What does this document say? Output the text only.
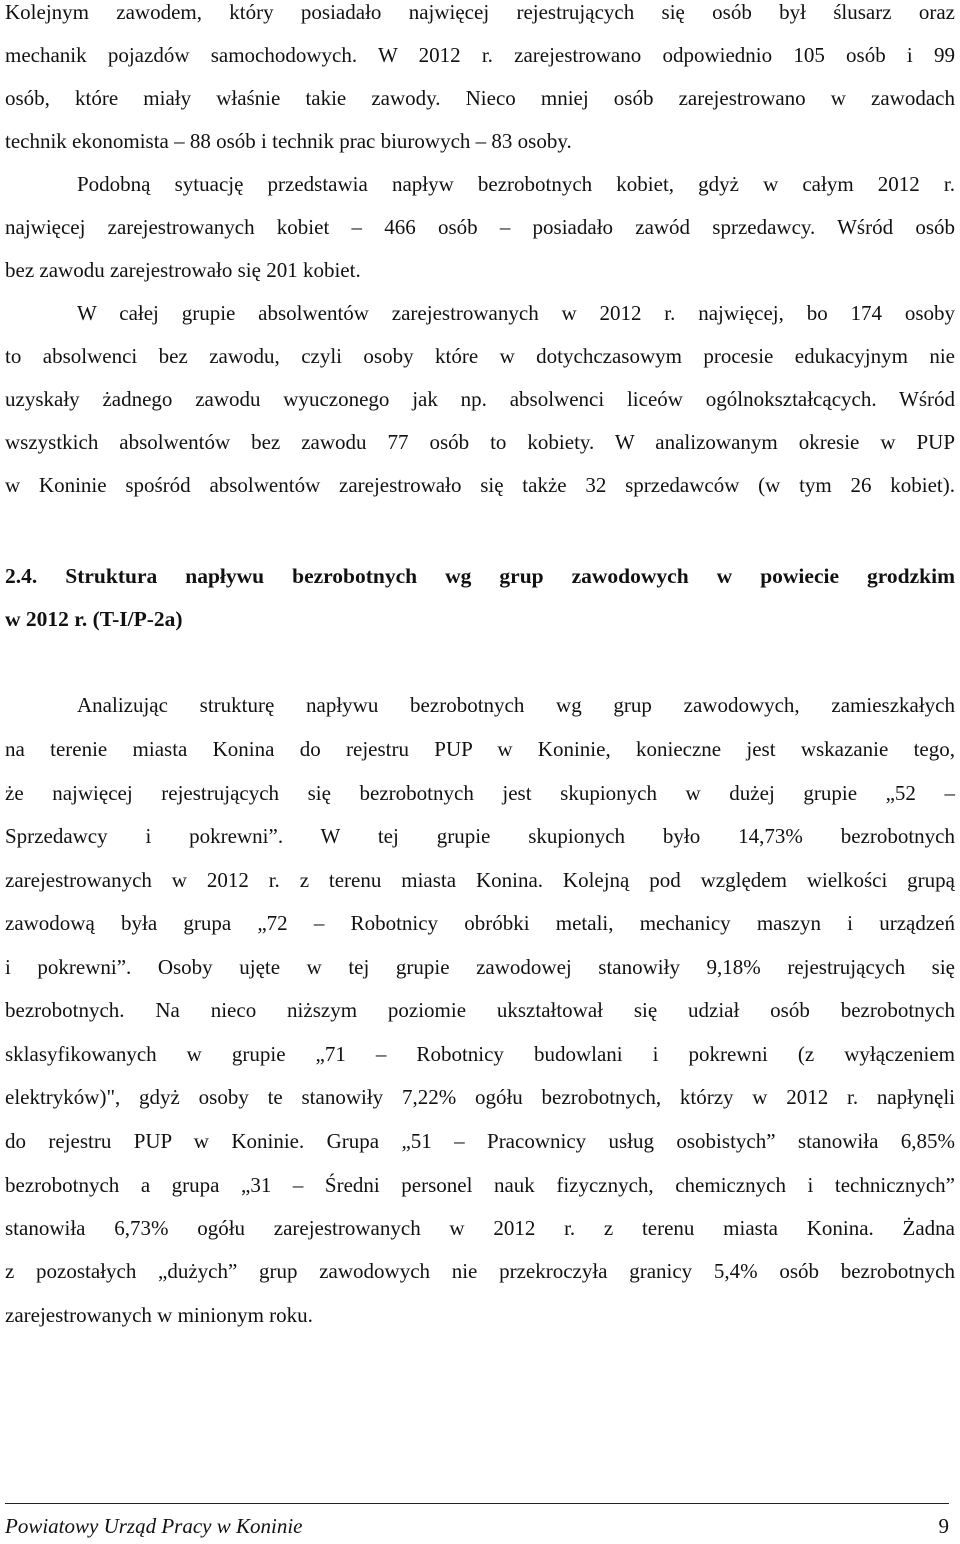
Kolejnym zawodem, który posiadało najwięcej rejestrujących się osób był ślusarz oraz
mechanik pojazdów samochodowych. W 2012 r. zarejestrowano odpowiednio 105 osób i 99
osób, które miały właśnie takie zawody. Nieco mniej osób zarejestrowano w zawodach
technik ekonomista – 88 osób i technik prac biurowych – 83 osoby.
Podobną sytuację przedstawia napływ bezrobotnych kobiet, gdyż w całym 2012 r.
najwięcej zarejestrowanych kobiet – 466 osób – posiadało zawód sprzedawcy. Wśród osób
bez zawodu zarejestrowało się 201 kobiet.
W całej grupie absolwentów zarejestrowanych w 2012 r. najwięcej, bo 174 osoby
to absolwenci bez zawodu, czyli osoby które w dotychczasowym procesie edukacyjnym nie
uzyskały żadnego zawodu wyuczonego jak np. absolwenci liceów ogólnokształcących. Wśród
wszystkich absolwentów bez zawodu 77 osób to kobiety. W analizowanym okresie w PUP
w Koninie spośród absolwentów zarejestrowało się także 32 sprzedawców (w tym 26 kobiet).
2.4. Struktura napływu bezrobotnych wg grup zawodowych w powiecie grodzkim
w 2012 r. (T-I/P-2a)
Analizując strukturę napływu bezrobotnych wg grup zawodowych, zamieszkałych
na terenie miasta Konina do rejestru PUP w Koninie, konieczne jest wskazanie tego,
że najwięcej rejestrujących się bezrobotnych jest skupionych w dużej grupie „52 –
Sprzedawcy i pokrewni”. W tej grupie skupionych było 14,73% bezrobotnych
zarejestrowanych w 2012 r. z terenu miasta Konina. Kolejną pod względem wielkości grupą
zawodową była grupa „72 – Robotnicy obróbki metali, mechanicy maszyn i urządzeń
i pokrewni”. Osoby ujęte w tej grupie zawodowej stanowiły 9,18% rejestrujących się
bezrobotnych. Na nieco niższym poziomie ukształtował się udział osób bezrobotnych
sklasyfikowanych w grupie „71 – Robotnicy budowlani i pokrewni (z wyłączeniem
elektryków)", gdyż osoby te stanowiły 7,22% ogółu bezrobotnych, którzy w 2012 r. napłynęli
do rejestru PUP w Koninie. Grupa „51 – Pracownicy usług osobistych” stanowiła 6,85%
bezrobotnych a grupa „31 – Średni personel nauk fizycznych, chemicznych i technicznych”
stanowiła 6,73% ogółu zarejestrowanych w 2012 r. z terenu miasta Konina. Żadna
z pozostałych „dużych” grup zawodowych nie przekroczyła granicy 5,4% osób bezrobotnych
zarejestrowanych w minionym roku.
Powiatowy Urząd Pracy w Koninie	9
